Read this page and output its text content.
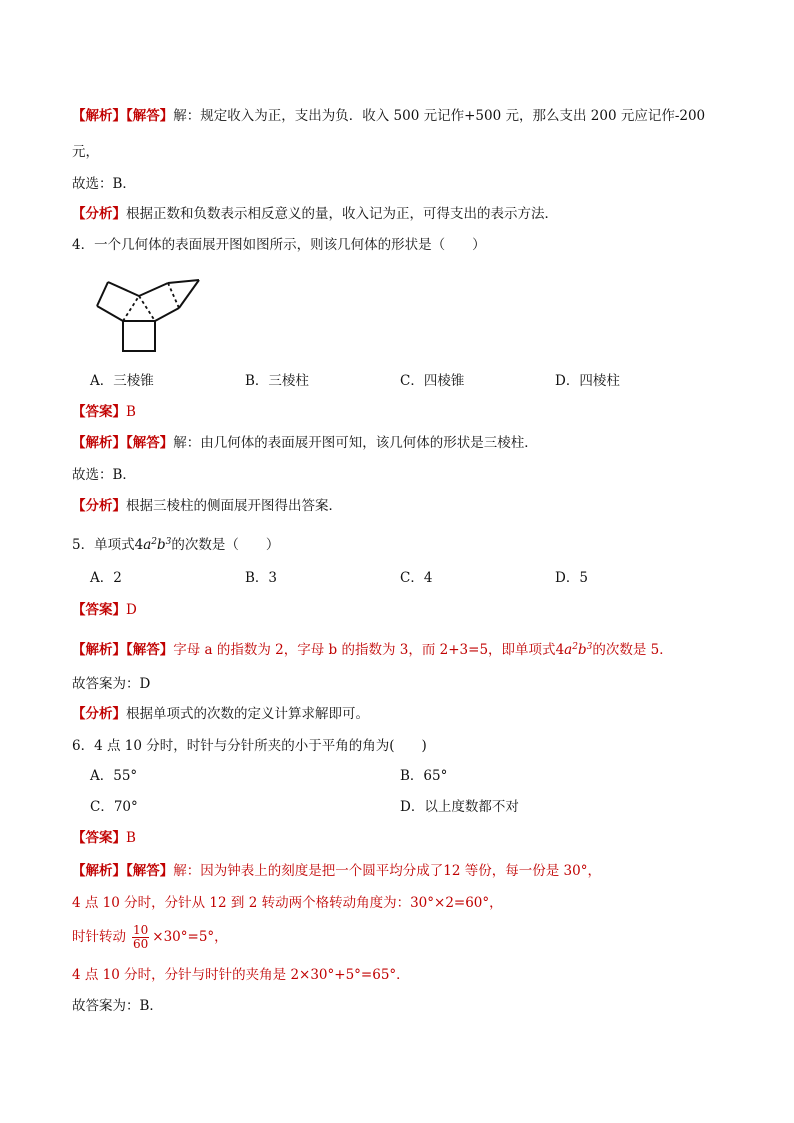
【解析】【解答】解：规定收入为正，支出为负．收入 500 元记作+500 元，那么支出 200 元应记作-200
元，
故选：B．
【分析】根据正数和负数表示相反意义的量，收入记为正，可得支出的表示方法．
4．一个几何体的表面展开图如图所示，则该几何体的形状是（　　）
A．三棱锥	B．三棱柱	C．四棱锥	D．四棱柱
【答案】B
【解析】【解答】解：由几何体的表面展开图可知，该几何体的形状是三棱柱．
故选：B．
【分析】根据三棱柱的侧面展开图得出答案．
5．单项式$4a^2b^3$的次数是（　　）
A．2	B．3	C．4	D．5
【答案】D
【解析】【解答】字母 a 的指数为 2，字母 b 的指数为 3，而 2+3=5，即单项式$4a^2b^3$的次数是 5．
故答案为：D
【分析】根据单项式的次数的定义计算求解即可。
6．4 点 10 分时，时针与分针所夹的小于平角的角为(　　)
A．55°	B．65°
C．70°	D．以上度数都不对
【答案】B
【解析】【解答】解：因为钟表上的刻度是把一个圆平均分成了12 等份，每一份是 30°，
4 点 10 分时，分针从 12 到 2 转动两个格转动角度为：30°×2=60°，
时针转动 $\frac{10}{60} \times 30^\circ=5^\circ$，
4 点 10 分时，分针与时针的夹角是 2×30°+5°=65°．
故答案为：B．
